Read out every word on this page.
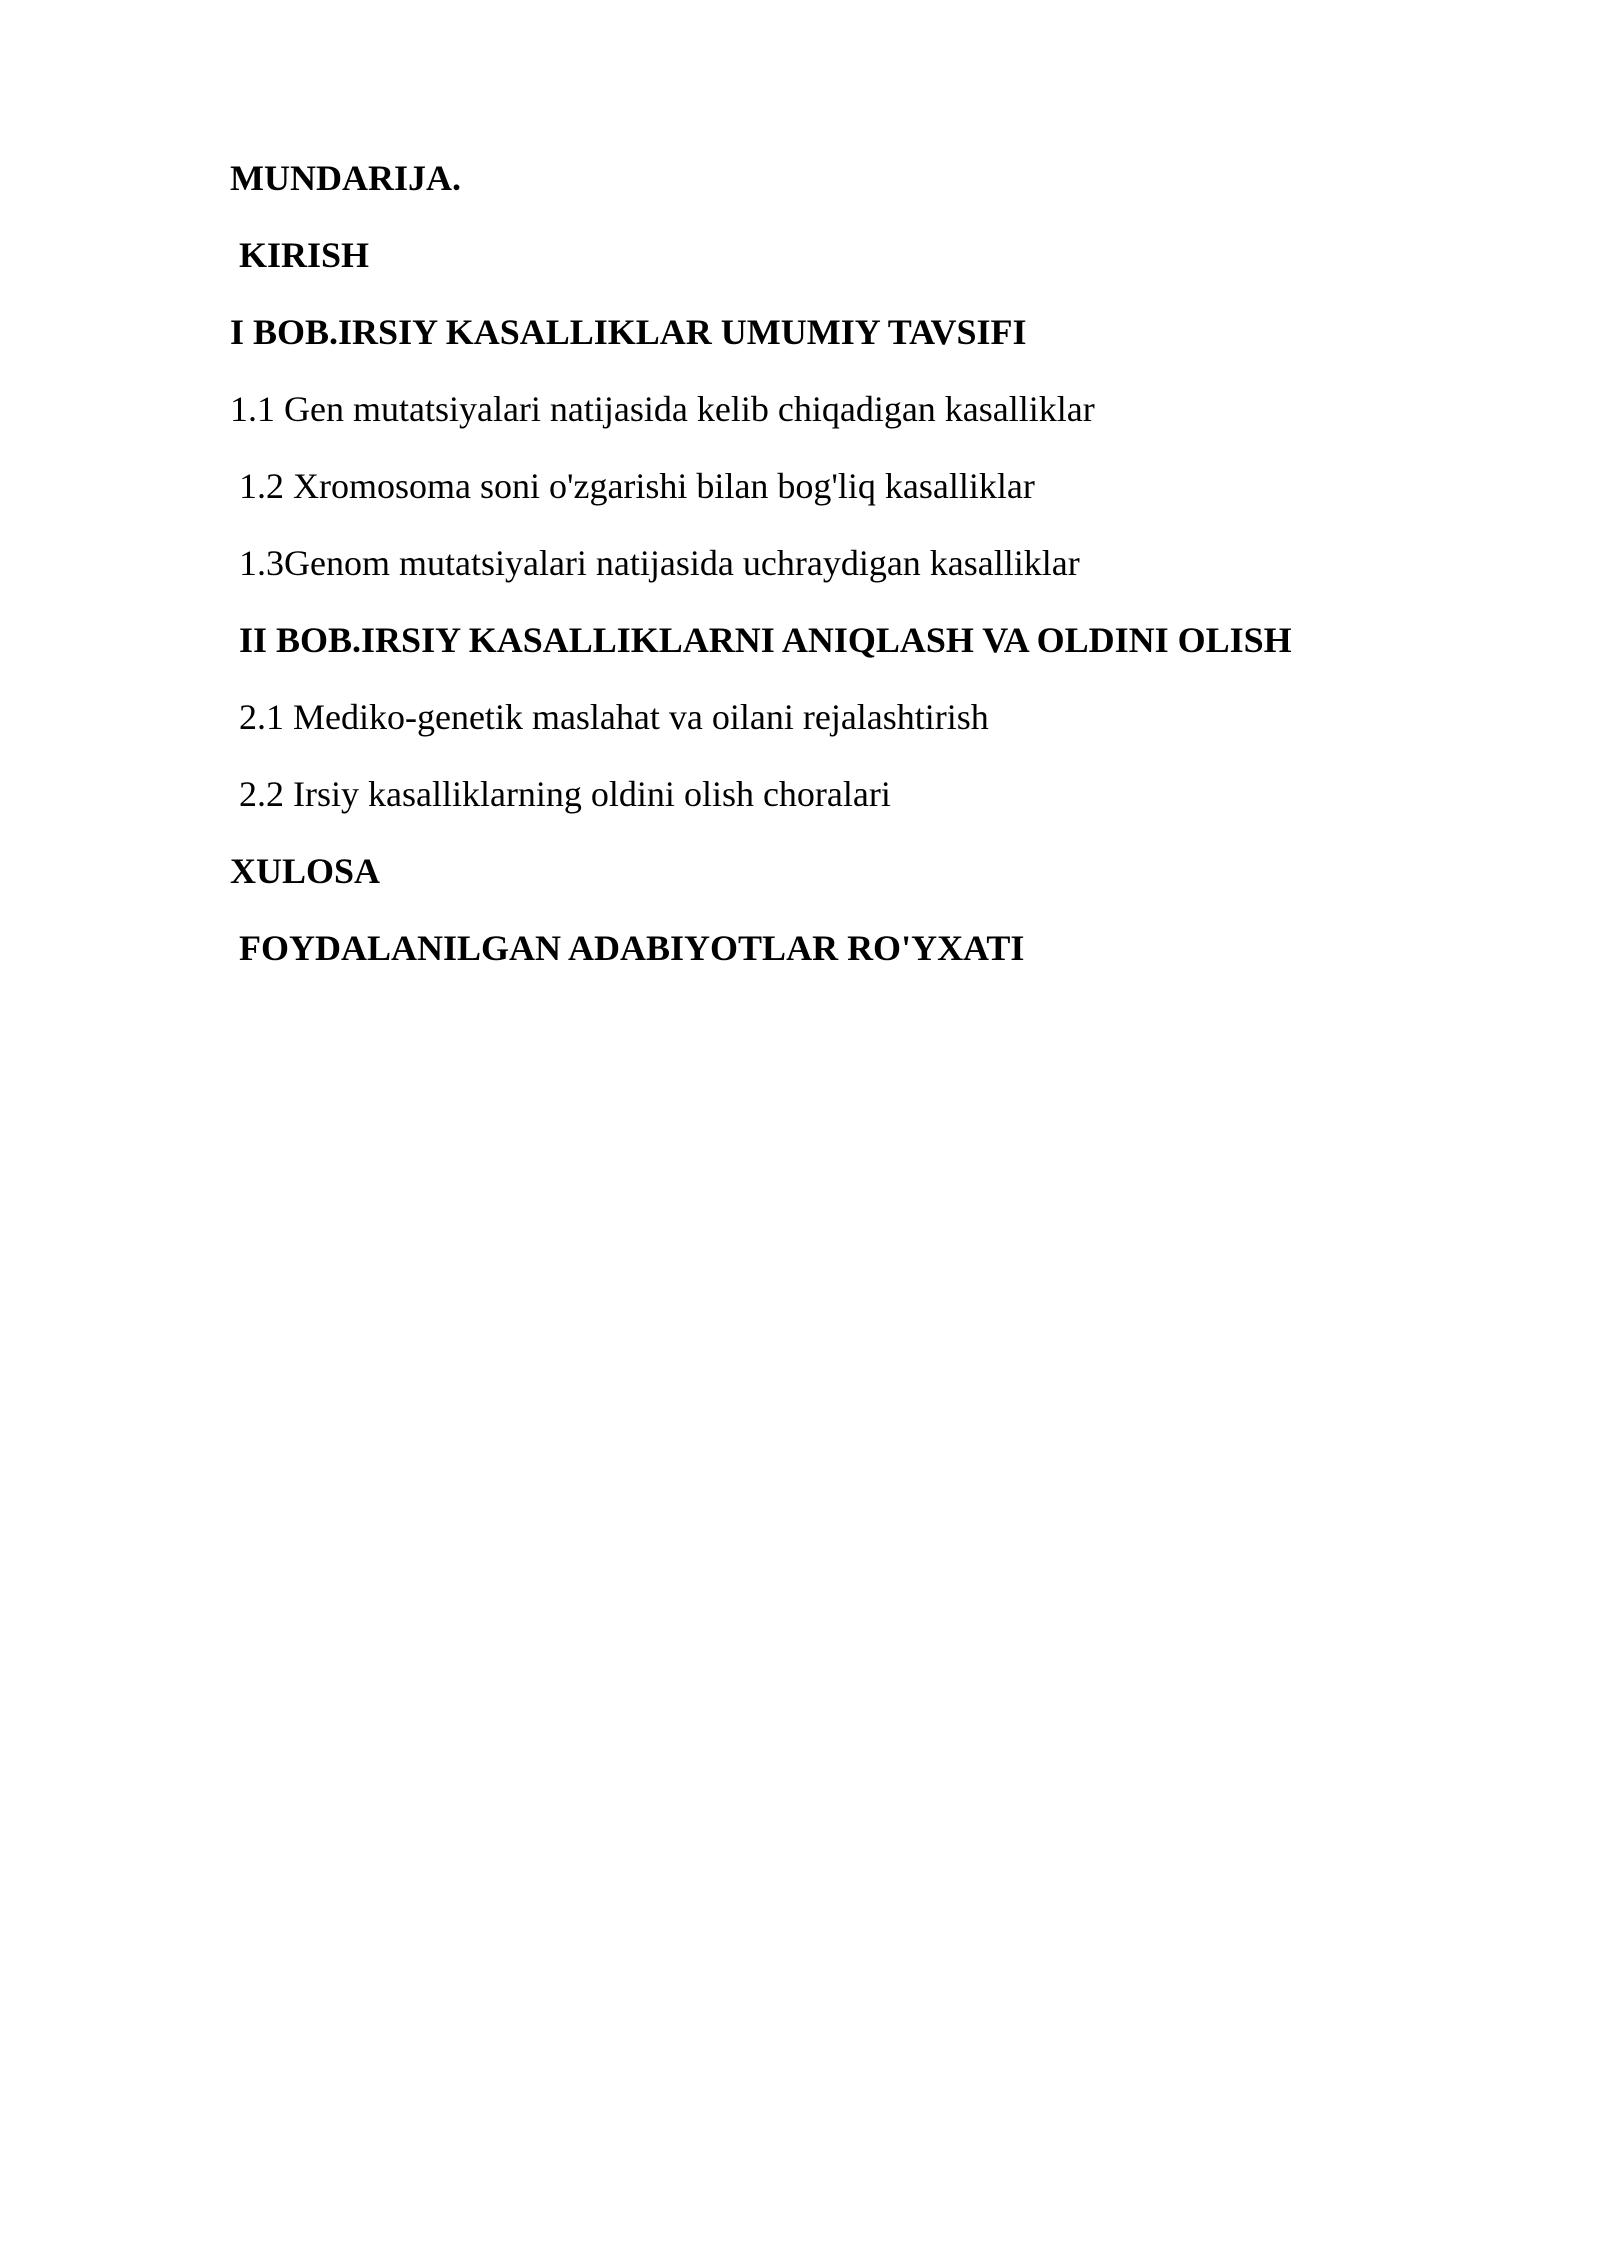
MUNDARIJA.
KIRISH
I BOB.IRSIY KASALLIKLAR UMUMIY TAVSIFI
1.1 Gen mutatsiyalari natijasida kelib chiqadigan kasalliklar
1.2 Xromosoma soni o'zgarishi bilan bog'liq kasalliklar
1.3Genom mutatsiyalari natijasida uchraydigan kasalliklar
II BOB.IRSIY KASALLIKLARNI ANIQLASH VA OLDINI OLISH
2.1 Mediko-genetik maslahat va oilani rejalashtirish
2.2 Irsiy kasalliklarning oldini olish choralari
XULOSA
FOYDALANILGAN ADABIYOTLAR RO'YXATI
